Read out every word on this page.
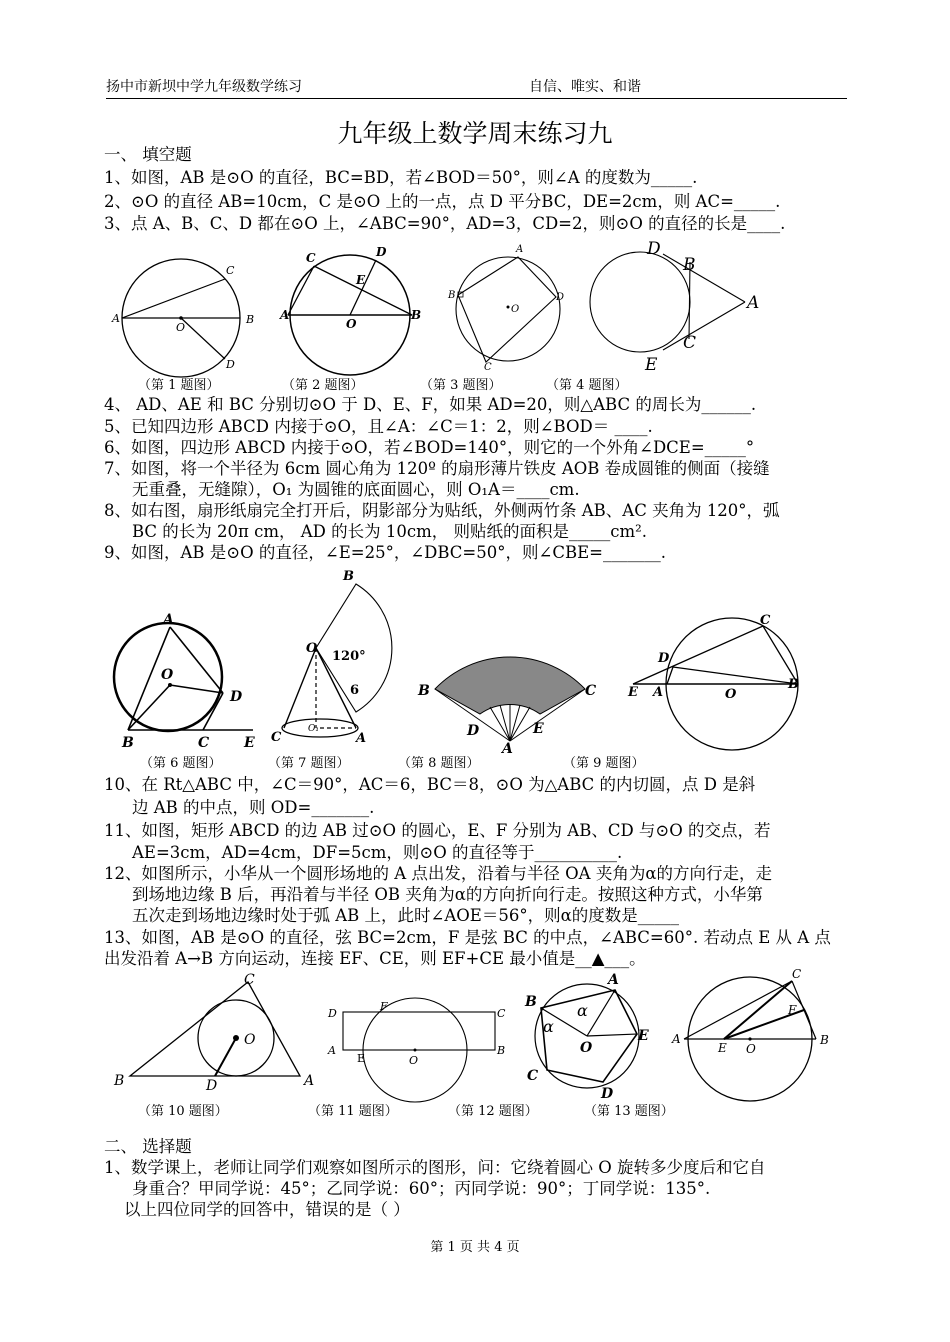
扬中市新坝中学九年级数学练习	自信、唯实、和谐
九年级上数学周末练习九
一、 填空题
1、如图，AB 是⊙O 的直径，BC=BD，若∠BOD＝50°，则∠A 的度数为_____.
2、⊙O 的直径 AB=10cm，C 是⊙O 上的一点，点 D 平分BC，DE=2cm，则 AC=_____.
3、点 A、B、C、D 都在⊙O 上，∠ABC=90°，AD=3，CD=2，则⊙O 的直径的长是____.
A	B
C
D
O
（第 1 题图）
A	B
C	D
E
O
（第 2 题图）
A
B
C
D
O
（第 3 题图）
D
B
A
C
E
（第 4 题图）
4、 AD、AE 和 BC 分别切⊙O 于 D、E、F，如果 AD=20，则△ABC 的周长为______.
5、已知四边形 ABCD 内接于⊙O，且∠A：∠C＝1：2，则∠BOD＝ ____.
6、如图，四边形 ABCD 内接于⊙O，若∠BOD=140°，则它的一个外角∠DCE=_____°
7、如图，将一个半径为 6cm 圆心角为 120º 的扇形薄片铁皮 AOB 卷成圆锥的侧面（接缝
无重叠，无缝隙），O₁ 为圆锥的底面圆心，则 O₁A＝____cm.
8、如右图，扇形纸扇完全打开后，阴影部分为贴纸，外侧两竹条 AB、AC 夹角为 120°，弧
BC 的长为 20π cm， AD 的长为 10cm， 则贴纸的面积是_____cm².
9、如图，AB 是⊙O 的直径，∠E=25°，∠DBC=50°，则∠CBE=_______.
A
B	C
D
E
O
（第 6 题图）
B
O
120°
6
C
O₁
A
（第 7 题图）
B	C
D	E
A
（第 8 题图）
E A
D
C
B
O
（第 9 题图）
10、在 Rt△ABC 中，∠C＝90°，AC＝6，BC＝8，⊙O 为△ABC 的内切圆，点 D 是斜
边 AB 的中点，则 OD=_______.
11、如图，矩形 ABCD 的边 AB 过⊙O 的圆心，E、F 分别为 AB、CD 与⊙O 的交点，若
AE=3cm，AD=4cm，DF=5cm，则⊙O 的直径等于__________.
12、如图所示，小华从一个圆形场地的 A 点出发，沿着与半径 OA 夹角为α的方向行走，走
到场地边缘 B 后，再沿着与半径 OB 夹角为α的方向折向行走。按照这种方式，小华第
五次走到场地边缘时处于弧 AB 上，此时∠AOE＝56°，则α的度数是_____
13、如图，AB 是⊙O 的直径，弦 BC=2cm，F 是弦 BC 的中点，∠ABC=60°. 若动点 E 从 A 点
出发沿着 A→B 方向运动，连接 EF、CE，则 EF+CE 最小值是__▲___。
B	A
C
D
O
（第 10 题图）
D
F
C
A
E	O
B
（第 11 题图）
A
B
E
C
D
O
α
α
（第 12 题图）
A	B
C
F
E O
（第 13 题图）
二、 选择题
1、数学课上，老师让同学们观察如图所示的图形，问：它绕着圆心 O 旋转多少度后和它自
身重合？甲同学说：45°；乙同学说：60°；丙同学说：90°；丁同学说：135°.
以上四位同学的回答中，错误的是（ ）
第 1 页 共 4 页
